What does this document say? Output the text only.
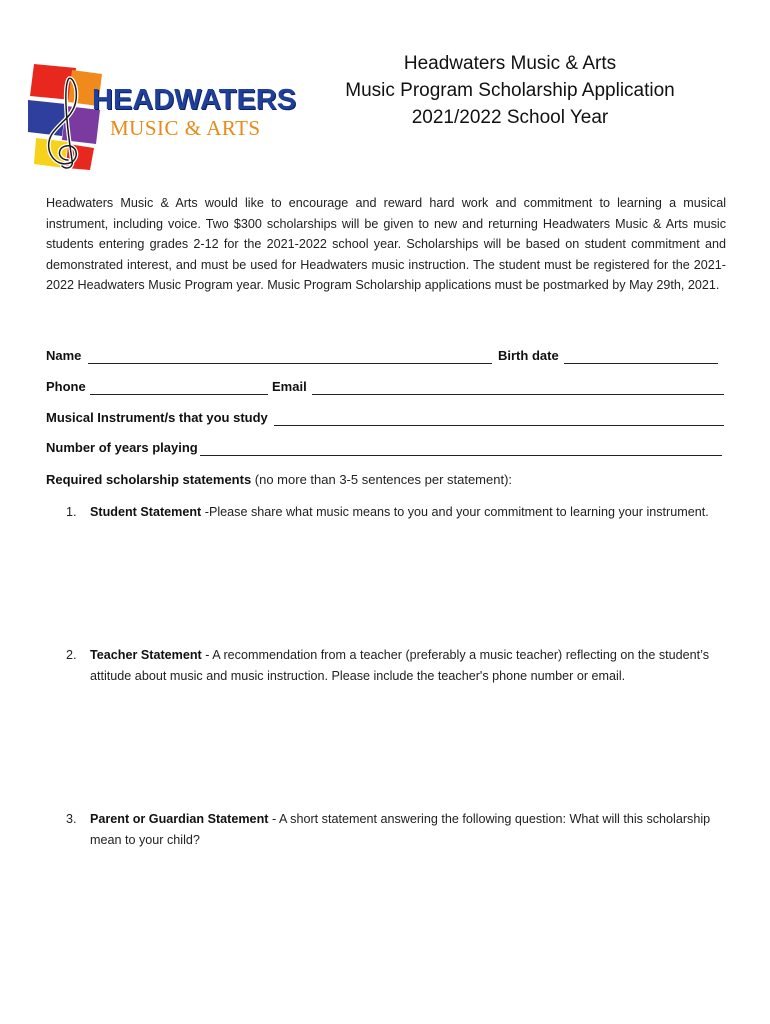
HEADWATERS
MUSIC & ARTS
Headwaters Music & Arts
Music Program Scholarship Application
2021/2022 School Year
Headwaters Music & Arts would like to encourage and reward hard work and commitment to learning a musical instrument, including voice. Two $300 scholarships will be given to new and returning Headwaters Music & Arts music students entering grades 2-12 for the 2021-2022 school year. Scholarships will be based on student commitment and demonstrated interest, and must be used for Headwaters music instruction. The student must be registered for the 2021-2022 Headwaters Music Program year. Music Program Scholarship applications must be postmarked by May 29th, 2021.
Name	Birth date
Phone	Email
Musical Instrument/s that you study
Number of years playing
Required scholarship statements (no more than 3-5 sentences per statement):
1. Student Statement -Please share what music means to you and your commitment to learning your instrument.
2. Teacher Statement - A recommendation from a teacher (preferably a music teacher) reflecting on the student’s attitude about music and music instruction. Please include the teacher's phone number or email.
3. Parent or Guardian Statement - A short statement answering the following question: What will this scholarship mean to your child?
